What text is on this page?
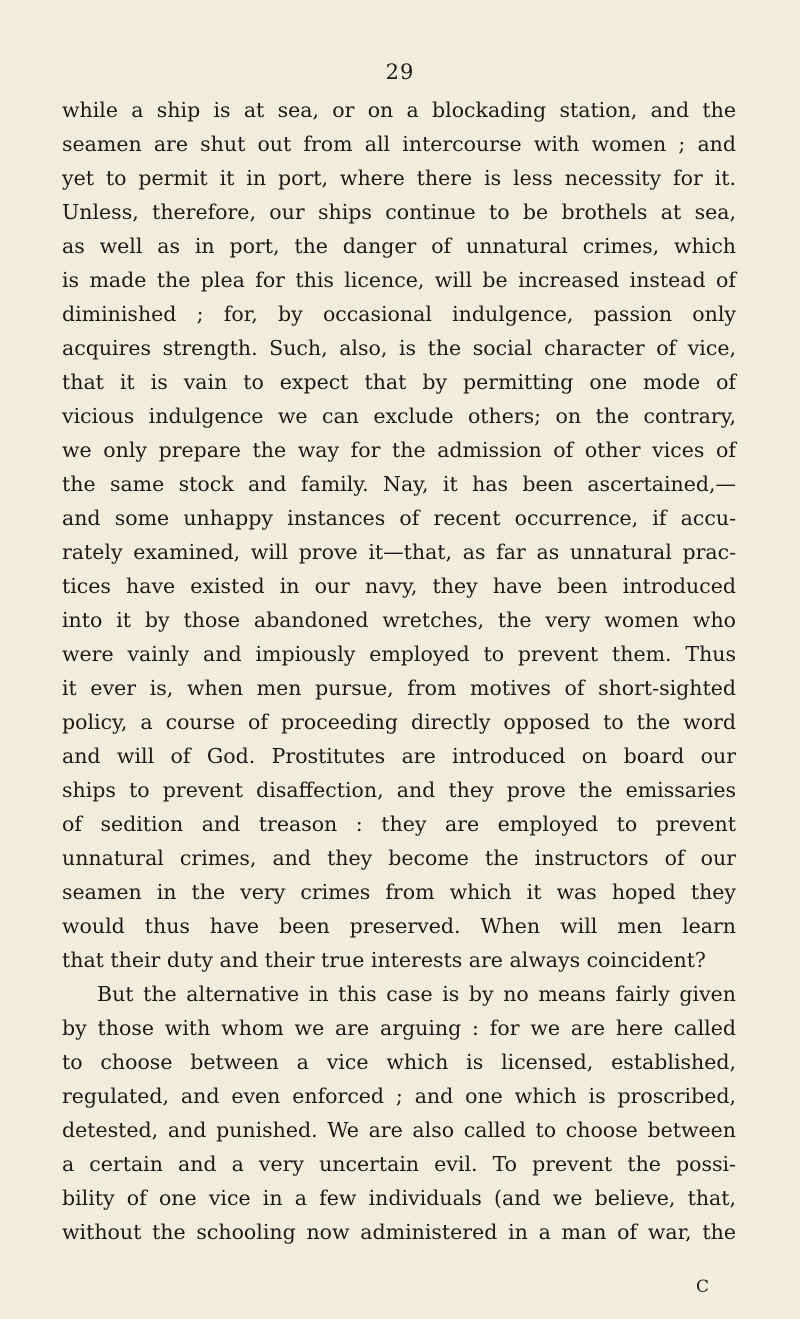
29
while a ship is at sea, or on a blockading station, and the
seamen are shut out from all intercourse with women ; and
yet to permit it in port, where there is less necessity for it.
Unless, therefore, our ships continue to be brothels at sea,
as well as in port, the danger of unnatural crimes, which
is made the plea for this licence, will be increased instead of
diminished ; for, by occasional indulgence, passion only
acquires strength. Such, also, is the social character of vice,
that it is vain to expect that by permitting one mode of
vicious indulgence we can exclude others; on the contrary,
we only prepare the way for the admission of other vices of
the same stock and family. Nay, it has been ascertained,—
and some unhappy instances of recent occurrence, if accu-
rately examined, will prove it—that, as far as unnatural prac-
tices have existed in our navy, they have been introduced
into it by those abandoned wretches, the very women who
were vainly and impiously employed to prevent them. Thus
it ever is, when men pursue, from motives of short-sighted
policy, a course of proceeding directly opposed to the word
and will of God. Prostitutes are introduced on board our
ships to prevent disaffection, and they prove the emissaries
of sedition and treason : they are employed to prevent
unnatural crimes, and they become the instructors of our
seamen in the very crimes from which it was hoped they
would thus have been preserved. When will men learn
that their duty and their true interests are always coincident?
But the alternative in this case is by no means fairly given
by those with whom we are arguing : for we are here called
to choose between a vice which is licensed, established,
regulated, and even enforced ; and one which is proscribed,
detested, and punished. We are also called to choose between
a certain and a very uncertain evil. To prevent the possi-
bility of one vice in a few individuals (and we believe, that,
without the schooling now administered in a man of war, the
C
